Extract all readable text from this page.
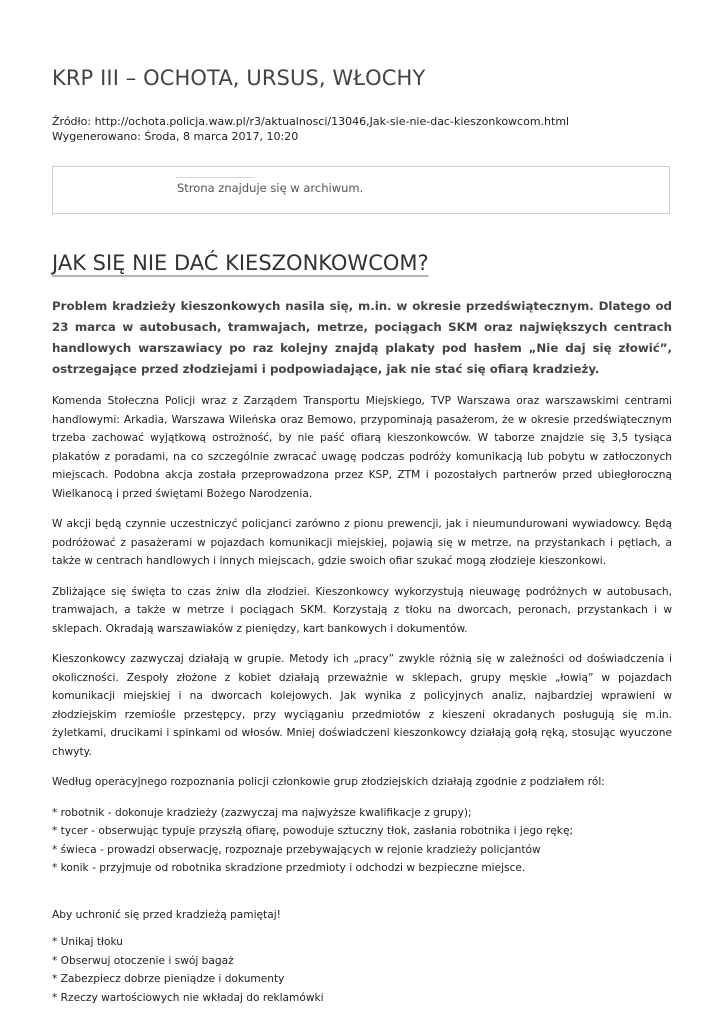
KRP III – OCHOTA, URSUS, WŁOCHY
Źródło: http://ochota.policja.waw.pl/r3/aktualnosci/13046,Jak-sie-nie-dac-kieszonkowcom.html
Wygenerowano: Środa, 8 marca 2017, 10:20
Strona znajduje się w archiwum.
JAK SIĘ NIE DAĆ KIESZONKOWCOM?

Problem kradzieży kieszonkowych nasila się, m.in. w okresie przedświątecznym. Dlatego od 23 marca w autobusach, tramwajach, metrze, pociągach SKM oraz największych centrach handlowych warszawiacy po raz kolejny znajdą plakaty pod hasłem „Nie daj się złowić”, ostrzegające przed złodziejami i podpowiadające, jak nie stać się ofiarą kradzieży.

Komenda Stołeczna Policji wraz z Zarządem Transportu Miejskiego, TVP Warszawa oraz warszawskimi centrami handlowymi: Arkadia, Warszawa Wileńska oraz Bemowo, przypominają pasażerom, że w okresie przedświątecznym trzeba zachować wyjątkową ostrożność, by nie paść ofiarą kieszonkowców. W taborze znajdzie się 3,5 tysiąca plakatów z poradami, na co szczególnie zwracać uwagę podczas podróży komunikacją lub pobytu w zatłoczonych miejscach. Podobna akcja została przeprowadzona przez KSP, ZTM i pozostałych partnerów przed ubiegłoroczną Wielkanocą i przed świętami Bożego Narodzenia.

W akcji będą czynnie uczestniczyć policjanci zarówno z pionu prewencji, jak i nieumundurowani wywiadowcy. Będą podróżować z pasażerami w pojazdach komunikacji miejskiej, pojawią się w metrze, na przystankach i pętlach, a także w centrach handlowych i innych miejscach, gdzie swoich ofiar szukać mogą złodzieje kieszonkowi.

Zbliżające się święta to czas żniw dla złodziei. Kieszonkowcy wykorzystują nieuwagę podróżnych w autobusach, tramwajach, a także w metrze i pociągach SKM. Korzystają z tłoku na dworcach, peronach, przystankach i w sklepach. Okradają warszawiaków z pieniędzy, kart bankowych i dokumentów.

Kieszonkowcy zazwyczaj działają w grupie. Metody ich „pracy” zwykle różnią się w zależności od doświadczenia i okoliczności. Zespoły złożone z kobiet działają przeważnie w sklepach, grupy męskie „łowią” w pojazdach komunikacji miejskiej i na dworcach kolejowych. Jak wynika z policyjnych analiz, najbardziej wprawieni w złodziejskim rzemiośle przestępcy, przy wyciąganiu przedmiotów z kieszeni okradanych posługują się m.in. żyletkami, drucikami i spinkami od włosów. Mniej doświadczeni kieszonkowcy działają gołą ręką, stosując wyuczone chwyty.

Według operacyjnego rozpoznania policji członkowie grup złodziejskich działają zgodnie z podziałem ról:

* robotnik - dokonuje kradzieży (zazwyczaj ma najwyższe kwalifikacje z grupy);
* tycer - obserwując typuje przyszłą ofiarę, powoduje sztuczny tłok, zasłania robotnika i jego rękę;
* świeca - prowadzi obserwację, rozpoznaje przebywających w rejonie kradzieży policjantów
* konik - przyjmuje od robotnika skradzione przedmioty i odchodzi w bezpieczne miejsce.
Aby uchronić się przed kradzieżą pamiętaj!
* Unikaj tłoku
* Obserwuj otoczenie i swój bagaż
* Zabezpiecz dobrze pieniądze i dokumenty
* Rzeczy wartościowych nie wkładaj do reklamówki
